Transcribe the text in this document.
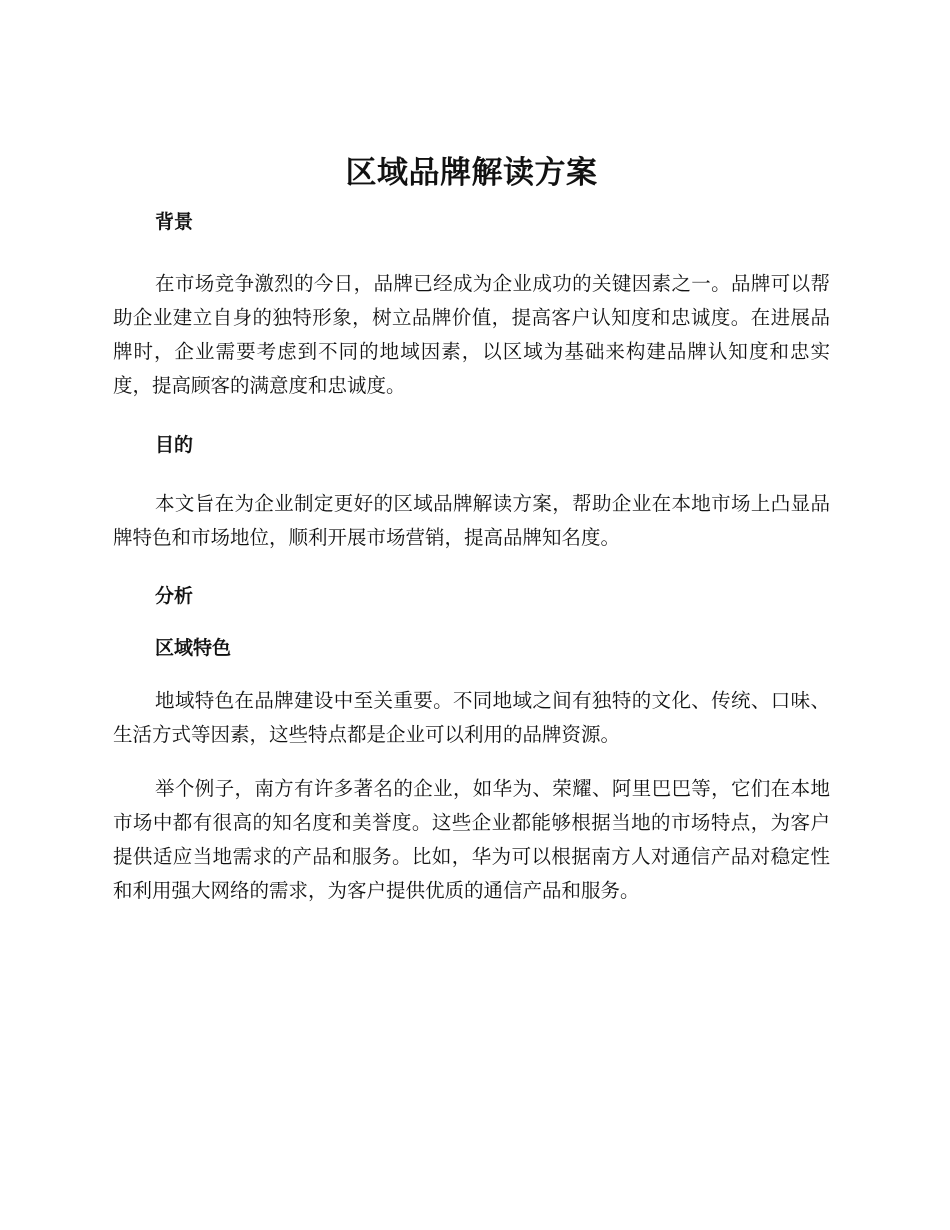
区域品牌解读方案
背景

在市场竞争激烈的今日，品牌已经成为企业成功的关键因素之一。品牌可以帮助企业建立自身的独特形象，树立品牌价值，提高客户认知度和忠诚度。在进展品牌时，企业需要考虑到不同的地域因素，以区域为基础来构建品牌认知度和忠实度，提高顾客的满意度和忠诚度。

目的

本文旨在为企业制定更好的区域品牌解读方案，帮助企业在本地市场上凸显品牌特色和市场地位，顺利开展市场营销，提高品牌知名度。

分析
区域特色

地域特色在品牌建设中至关重要。不同地域之间有独特的文化、传统、口味、生活方式等因素，这些特点都是企业可以利用的品牌资源。

举个例子，南方有许多著名的企业，如华为、荣耀、阿里巴巴等，它们在本地市场中都有很高的知名度和美誉度。这些企业都能够根据当地的市场特点，为客户提供适应当地需求的产品和服务。比如，华为可以根据南方人对通信产品对稳定性和利用强大网络的需求，为客户提供优质的通信产品和服务。
